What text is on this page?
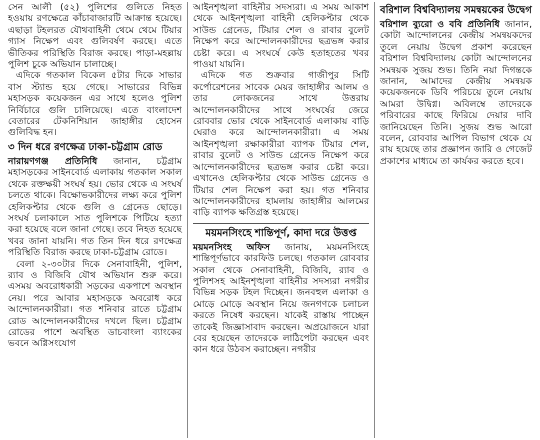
সেন আলী (৫২) পুলিশের গুলিতে নিহত হওয়ায় রণক্ষেত্রে কাঁচাবাজারটি আক্রান্ত হয়েছে। এছাড়া টহলরত যৌথবাহিনী থেমে থেমে টিয়ার গ্যাস নিক্ষেপ এবং গুলিবর্ষণ করছে। এতে ভীতিকর পরিস্থিতি বিরাজ করছে। পাড়া-মহল্লায় পুলিশ চুকে অভিযান চালাচ্ছে।

এদিকে গতকাল বিকেল ৫টার দিকে সাভার বাস স্ট্যান্ড হয়ে গেছে। সাভারের বিভিন্ন মহাসড়ক কয়েকজন এর সাথে হলেও পুলিশ নির্বিচারে গুলি চালিয়েছে। এতে বাংলাদেশ বেতারের টেকনিশিয়ান জাহাঙ্গীর হোসেন গুলিবিদ্ধ হন।

৩ দিন ধরে রণক্ষেত্র ঢাকা-চট্টগ্রাম রোড

নারায়ণগঞ্জ প্রতিনিধি জানান, চট্টগ্রাম মহাসড়কের সাইনবোর্ড এলাকায় গতকাল সকাল থেকে রক্তক্ষয়ী সংঘর্ষ হয়। ভোর থেকে এ সংঘর্ষ চলতে থাকে। বিক্ষোভকারীদের লক্ষ্য করে পুলিশ হেলিকপ্টার থেকে গুলি ও গ্রেনেড ছোড়ে। সংঘর্ষ চলাকালে সাত পুলিশকে পিটিয়ে হত্যা করা হয়েছে বলে জানা গেছে। তবে নিহত হয়েছে খবর জানা যায়নি। গত তিন দিন ধরে রণক্ষেত্র পরিস্থিতি বিরাজ করছে ঢাকা-চট্টগ্রাম রোডে।

বেলা ২-৩০টার দিকে সেনাবাহিনী, পুলিশ, র‍্যাব ও বিজিবি যৌথ অভিযান শুরু করে। এসময় অবরোধকারী সড়কের একপাশে অবস্থান নেয়। পরে আবার মহাসড়কে অবরোধ করে আন্দোলনকারীরা। গত শনিবার রাতে চট্টগ্রাম রোড আন্দোলনকারীদের দখলে ছিল। চট্টগ্রাম রোডের পাশে অবস্থিত ডাচবাংলা ব্যাংকের ভবনে অগ্নিসংযোগ

আইনশৃঙ্খলা বাহিনীর সদস্যরা। এ সময় আকাশ থেকে আইনশৃঙ্খলা বাহিনী হেলিকপ্টার থেকে সাউন্ড গ্রেনেড, টিয়ার শেল ও রাবার বুলেট নিক্ষেপ করে আন্দোলনকারীদের ছত্রভঙ্গ করার চেষ্টা করে। এ সংঘর্ষে কেউ হতাহতের খবর পাওয়া যায়নি।

এদিকে গত শুক্রবার গাজীপুর সিটি কর্পোরেশনের সাবেক মেয়র জাহাঙ্গীর আলম ও তার লোকজনের সাথে উত্তরায় আন্দোলনকারীদের সাথে সংঘর্ষের জেরে রোববার ভোর থেকে সাইনবোর্ড এলাকায় বাড়ি ঘেরাও করে আন্দোলনকারীরা। এ সময় আইনশৃঙ্খলা রক্ষাকারীরা ব্যাপক টিয়ার শেল, রাবার বুলেট ও সাউন্ড গ্রেনেড নিক্ষেপ করে আন্দোলনকারীদের ছত্রভঙ্গ করার চেষ্টা করে। এখানেও হেলিকপ্টার থেকে সাউন্ড গ্রেনেড ও টিয়ার শেল নিক্ষেপ করা হয়। গত শনিবার আন্দোলনকারীদের হামলায় জাহাঙ্গীর আলমের বাড়ি ব্যাপক ক্ষতিগ্রস্ত হয়েছে।

ময়মনসিংহে শান্তিপূর্ণ, কাদা দরে উত্তপ্ত

ময়মনসিংহ অফিস জানায়, ময়মনসিংহে শান্তিপূর্ণভাবে কারফিউ চলছে। গতকাল রোববার সকাল থেকে সেনাবাহিনী, বিজিবি, র‍্যাব ও পুলিশসহ আইনশৃঙ্খলা বাহিনীর সদস্যরা নগরীর বিভিন্ন সড়ক টহল দিচ্ছেন। জনবহুল এলাকা ও মোড়ে মোড়ে অবস্থান নিয়ে জনগণকে চলাচল করতে নিষেধ করছেন। যাকেই রাস্তায় পাচ্ছেন তাকেই জিজ্ঞাসাবাদ করছেন। অপ্রয়োজনে যারা বের হয়েছেন তাদেরকে লাঠিপেটা করছেন এবং কান ধরে উঠবস করাচ্ছেন। নগরীর

বরিশাল বিশ্ববিদ্যালয় সমন্বয়কের উদ্বেগ

বরিশাল ব্যুরো ও ববি প্রতিনিধি জানান, কোটা আন্দোলনের কেন্দ্রীয় সমন্বয়কদের তুলে নেয়ায় উদ্বেগ প্রকাশ করেছেন বরিশাল বিশ্ববিদ্যালয় কোটা আন্দোলনের সমন্বয়ক সুজয় শুভ। তিনি নয়া দিগন্তকে জানান, আমাদের কেন্দ্রীয় সমন্বয়ক কয়েকজনকে ডিবি পরিচয়ে তুলে নেয়ায় আমরা উদ্বিগ্ন। অবিলম্বে তাদেরকে পরিবারের কাছে ফিরিয়ে দেয়ার দাবি জানিয়েছেন তিনি। সুজয় শুভ আরো বলেন, রোববার আপিল বিভাগ থেকে যে রায় হয়েছে তার প্রজ্ঞাপন জারি ও গেজেট প্রকাশের মাধ্যমে তা কার্যকর করতে হবে।
